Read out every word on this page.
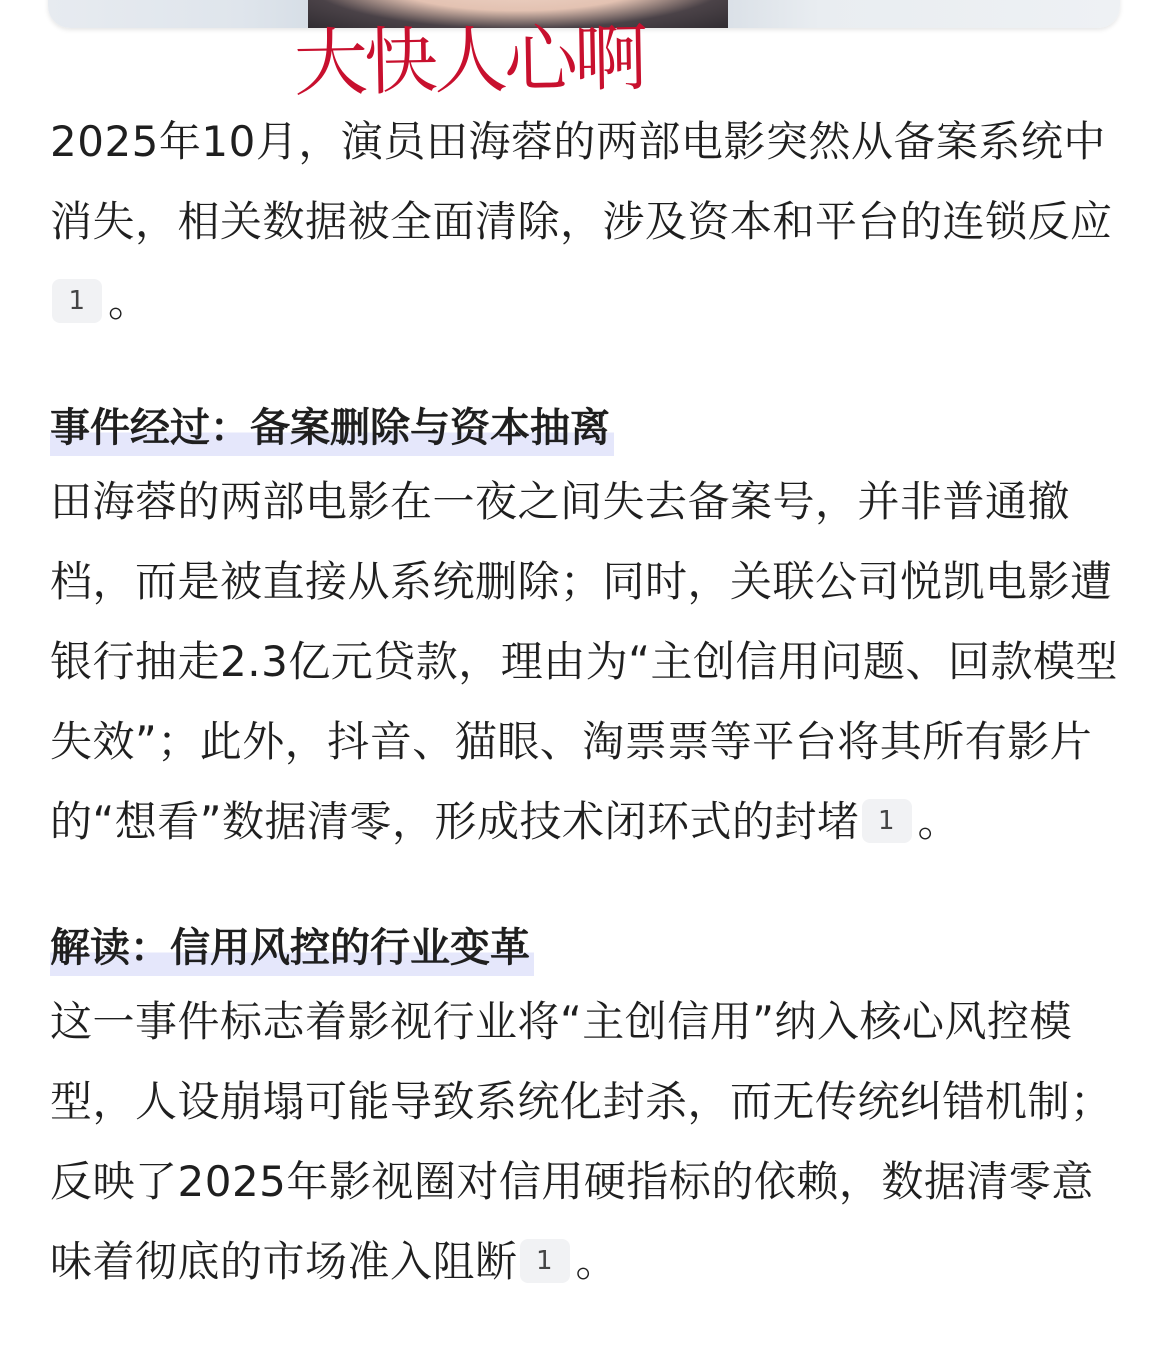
大快人心啊

2025年10月，演员田海蓉的两部电影突然从备案系统中消失，相关数据被全面清除，涉及资本和平台的连锁反应1 。

事件经过：备案删除与资本抽离

田海蓉的两部电影在一夜之间失去备案号，并非普通撤档，而是被直接从系统删除；同时，关联公司悦凯电影遭银行抽走2.3亿元贷款，理由为“主创信用问题、回款模型失效”；此外，抖音、猫眼、淘票票等平台将其所有影片的“想看”数据清零，形成技术闭环式的封堵 1 。

解读：信用风控的行业变革

这一事件标志着影视行业将“主创信用”纳入核心风控模型，人设崩塌可能导致系统化封杀，而无传统纠错机制；反映了2025年影视圈对信用硬指标的依赖，数据清零意味着彻底的市场准入阻断 1 。
